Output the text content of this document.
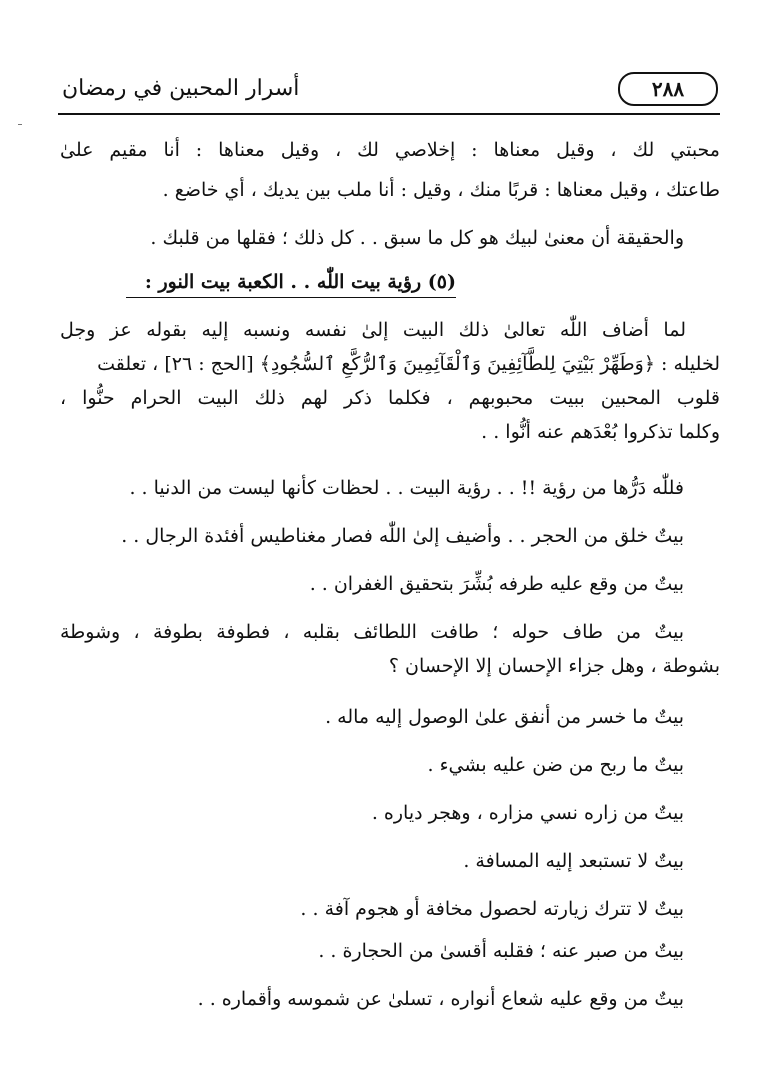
٢٨٨
أسرار المحبين في رمضان
محبتي لك ، وقيل معناها : إخلاصي لك ، وقيل معناها : أنا مقيم علىٰ
طاعتك ، وقيل معناها : قربًا منك ، وقيل : أنا ملب بين يديك ، أي خاضع .
والحقيقة أن معنىٰ لبيك هو كل ما سبق . . كل ذلك ؛ فقلها من قلبك .
(٥) رؤية بيت اللّٰه . . الكعبة بيت النور :
لما أضاف اللّٰه تعالىٰ ذلك البيت إلىٰ نفسه ونسبه إليه بقوله عز وجل
لخليله : ﴿وَطَهِّرْ بَيْتِيَ لِلطَّآئِفِينَ وَٱلْقَآئِمِينَ وَٱلرُّكَّعِ ٱلسُّجُودِ﴾ [الحج : ٢٦] ، تعلقت
قلوب المحبين ببيت محبوبهم ، فكلما ذكر لهم ذلك البيت الحرام حنُّوا ،
وكلما تذكروا بُعْدَهم عنه أنُّوا . .
فللّٰه دَرُّها من رؤية !! . . رؤية البيت . . لحظات كأنها ليست من الدنيا . .
بيتٌ خلق من الحجر . . وأضيف إلىٰ اللّٰه فصار مغناطيس أفئدة الرجال . .
بيتٌ من وقع عليه طرفه بُشِّرَ بتحقيق الغفران . .
بيتٌ من طاف حوله ؛ طافت اللطائف بقلبه ، فطوفة بطوفة ، وشوطة
بشوطة ، وهل جزاء الإحسان إلا الإحسان ؟
بيتٌ ما خسر من أنفق علىٰ الوصول إليه ماله .
بيتٌ ما ربح من ضن عليه بشيء .
بيتٌ من زاره نسي مزاره ، وهجر دياره .
بيتٌ لا تستبعد إليه المسافة .
بيتٌ لا تترك زيارته لحصول مخافة أو هجوم آفة . .
بيتٌ من صبر عنه ؛ فقلبه أقسىٰ من الحجارة . .
بيتٌ من وقع عليه شعاع أنواره ، تسلىٰ عن شموسه وأقماره . .
